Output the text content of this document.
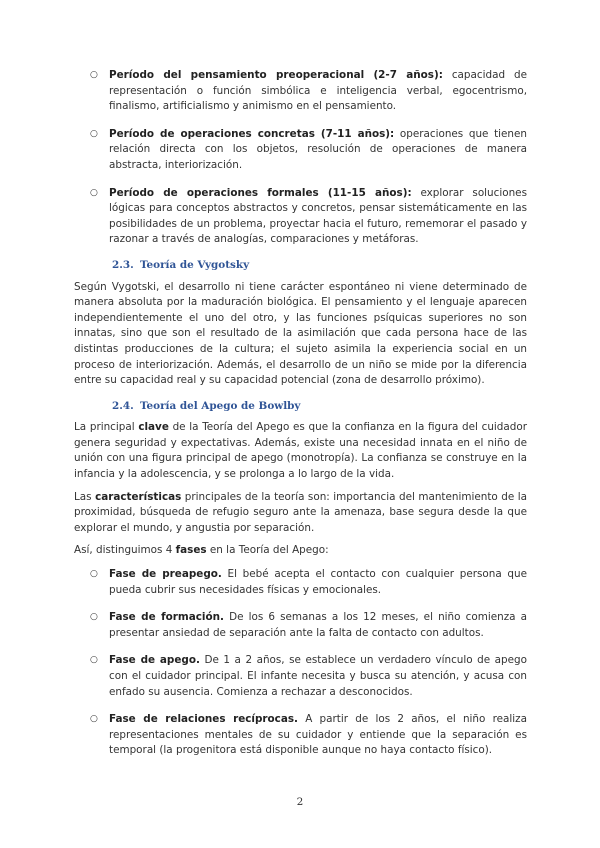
○ Período del pensamiento preoperacional (2-7 años): capacidad de representación o función simbólica e inteligencia verbal, egocentrismo, finalismo, artificialismo y animismo en el pensamiento.
○ Período de operaciones concretas (7-11 años): operaciones que tienen relación directa con los objetos, resolución de operaciones de manera abstracta, interiorización.
○ Período de operaciones formales (11-15 años): explorar soluciones lógicas para conceptos abstractos y concretos, pensar sistemáticamente en las posibilidades de un problema, proyectar hacia el futuro, rememorar el pasado y razonar a través de analogías, comparaciones y metáforas.
2.3. Teoría de Vygotsky

Según Vygotski, el desarrollo ni tiene carácter espontáneo ni viene determinado de manera absoluta por la maduración biológica. El pensamiento y el lenguaje aparecen independientemente el uno del otro, y las funciones psíquicas superiores no son innatas, sino que son el resultado de la asimilación que cada persona hace de las distintas producciones de la cultura; el sujeto asimila la experiencia social en un proceso de interiorización. Además, el desarrollo de un niño se mide por la diferencia entre su capacidad real y su capacidad potencial (zona de desarrollo próximo).

2.4. Teoría del Apego de Bowlby

La principal clave de la Teoría del Apego es que la confianza en la figura del cuidador genera seguridad y expectativas. Además, existe una necesidad innata en el niño de unión con una figura principal de apego (monotropía). La confianza se construye en la infancia y la adolescencia, y se prolonga a lo largo de la vida.

Las características principales de la teoría son: importancia del mantenimiento de la proximidad, búsqueda de refugio seguro ante la amenaza, base segura desde la que explorar el mundo, y angustia por separación.

Así, distinguimos 4 fases en la Teoría del Apego:

○ Fase de preapego. El bebé acepta el contacto con cualquier persona que pueda cubrir sus necesidades físicas y emocionales.
○ Fase de formación. De los 6 semanas a los 12 meses, el niño comienza a presentar ansiedad de separación ante la falta de contacto con adultos.
○ Fase de apego. De 1 a 2 años, se establece un verdadero vínculo de apego con el cuidador principal. El infante necesita y busca su atención, y acusa con enfado su ausencia. Comienza a rechazar a desconocidos.
○ Fase de relaciones recíprocas. A partir de los 2 años, el niño realiza representaciones mentales de su cuidador y entiende que la separación es temporal (la progenitora está disponible aunque no haya contacto físico).
2
